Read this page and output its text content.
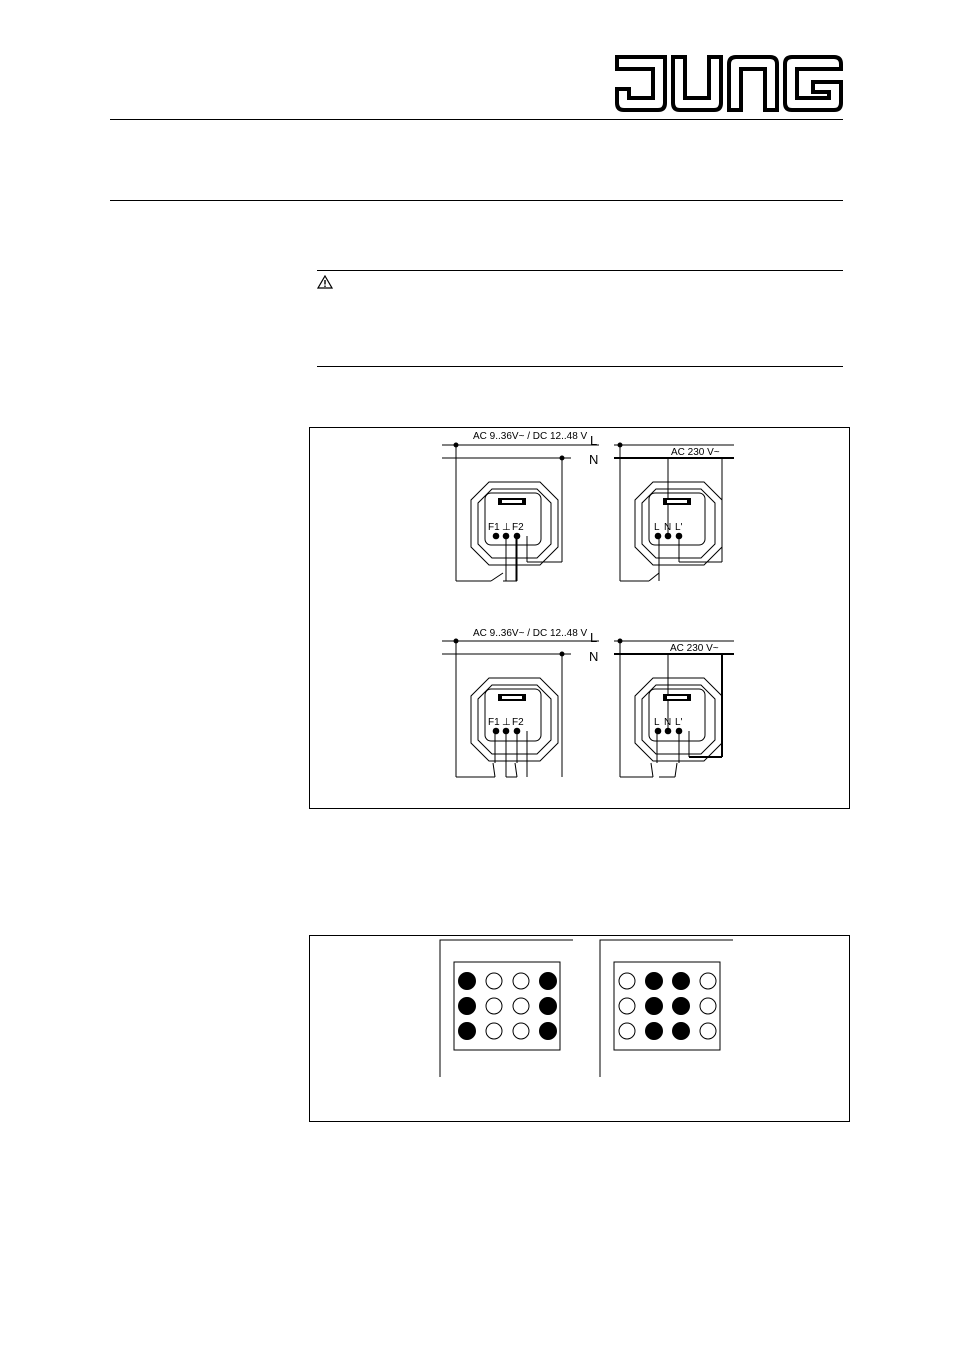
AC 9..36V~ / DC 12..48 V
AC 230 V~
AC 9..36V~ / DC 12..48 V
AC 230 V~
L
N
L
N
F1 ⊥ F2	L N L'
F1 ⊥ F2	L N L'
